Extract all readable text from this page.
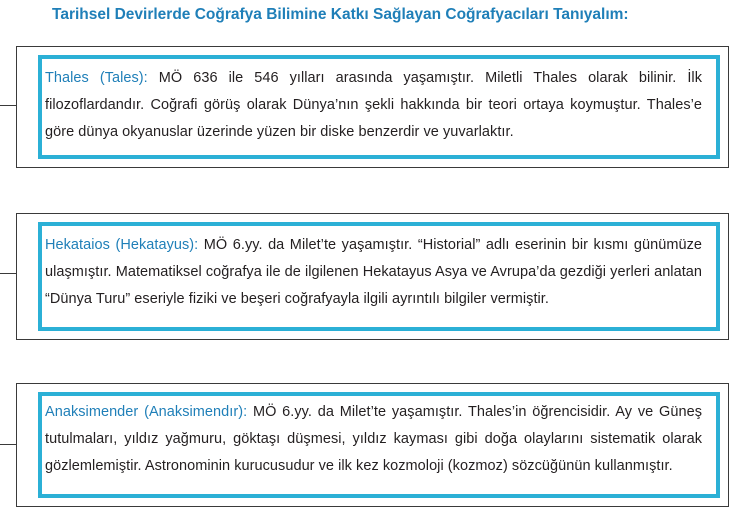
Tarihsel Devirlerde Coğrafya Bilimine Katkı Sağlayan Coğrafyacıları Tanıyalım:
Thales (Tales): MÖ 636 ile 546 yılları arasında yaşamıştır. Miletli Thales olarak bilinir. İlk filozoflardandır. Coğrafi görüş olarak Dünya’nın şekli hakkında bir teori ortaya koymuştur. Thales’e göre dünya okyanuslar üzerinde yüzen bir diske benzerdir ve yuvarlaktır.
Hekataios (Hekatayus): MÖ 6.yy. da Milet’te yaşamıştır. “Historial” adlı eserinin bir kısmı günümüze ulaşmıştır. Matematiksel coğrafya ile de ilgilenen Hekatayus Asya ve Avrupa’da gezdiği yerleri anlatan “Dünya Turu” eseriyle fiziki ve beşeri coğrafyayla ilgili ayrıntılı bilgiler vermiştir.
Anaksimender (Anaksimendır): MÖ 6.yy. da Milet’te yaşamıştır. Thales’in öğrencisidir. Ay ve Güneş tutulmaları, yıldız yağmuru, göktaşı düşmesi, yıldız kayması gibi doğa olaylarını sistematik olarak gözlemlemiştir. Astronominin kurucusudur ve ilk kez kozmoloji (kozmoz) sözcüğünün kullanmıştır.
